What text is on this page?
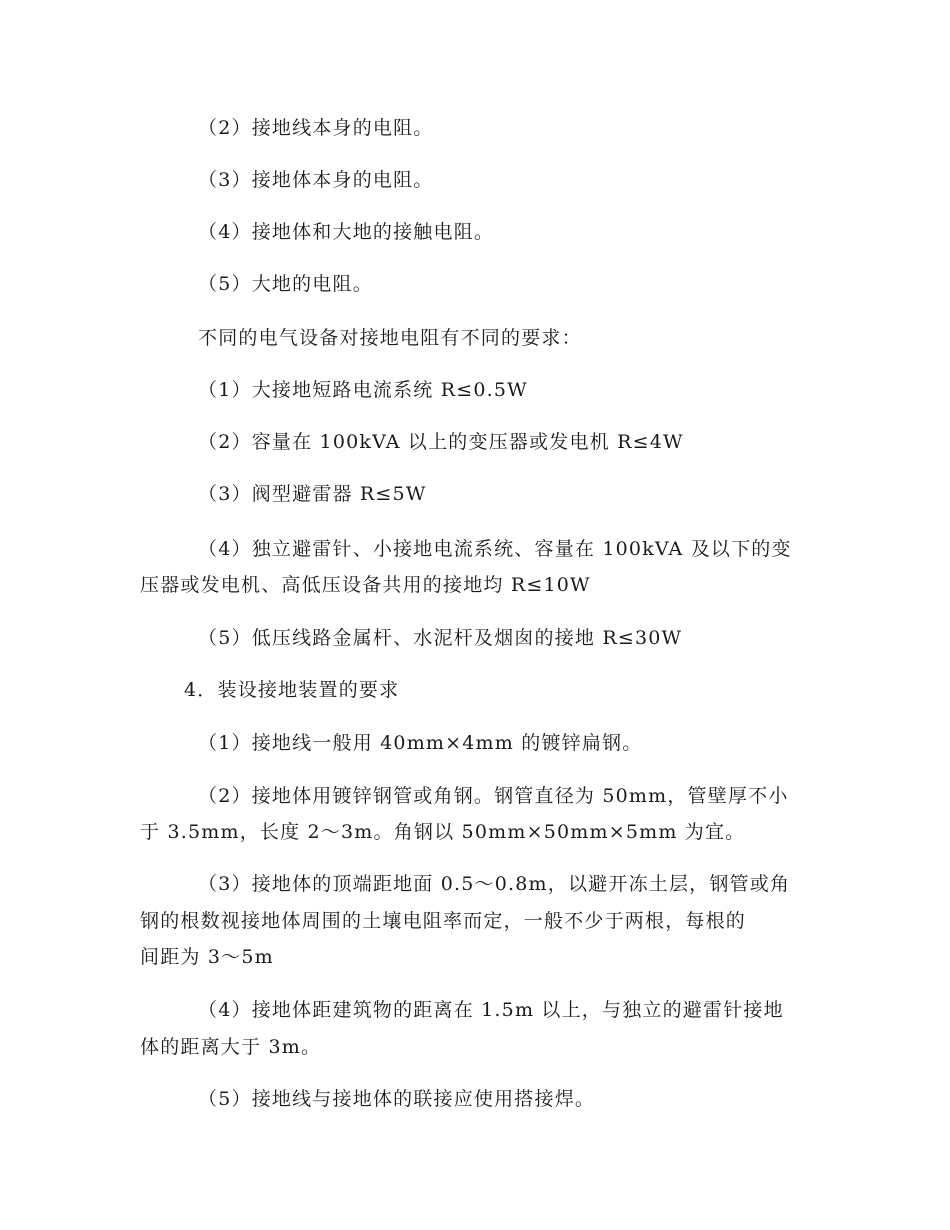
（2）接地线本身的电阻。
（3）接地体本身的电阻。
（4）接地体和大地的接触电阻。
（5）大地的电阻。
不同的电气设备对接地电阻有不同的要求：
（1）大接地短路电流系统 R≤0.5W
（2）容量在 100kVA 以上的变压器或发电机 R≤4W
（3）阀型避雷器 R≤5W
（4）独立避雷针、小接地电流系统、容量在 100kVA 及以下的变
压器或发电机、高低压设备共用的接地均 R≤10W
（5）低压线路金属杆、水泥杆及烟囱的接地 R≤30W
4．装设接地装置的要求
（1）接地线一般用 40mm×4mm 的镀锌扁钢。
（2）接地体用镀锌钢管或角钢。钢管直径为 50mm，管壁厚不小
于 3.5mm，长度 2～3m。角钢以 50mm×50mm×5mm 为宜。
（3）接地体的顶端距地面 0.5～0.8m，以避开冻土层，钢管或角
钢的根数视接地体周围的土壤电阻率而定，一般不少于两根，每根的
间距为 3～5m
（4）接地体距建筑物的距离在 1.5m 以上，与独立的避雷针接地
体的距离大于 3m。
（5）接地线与接地体的联接应使用搭接焊。
